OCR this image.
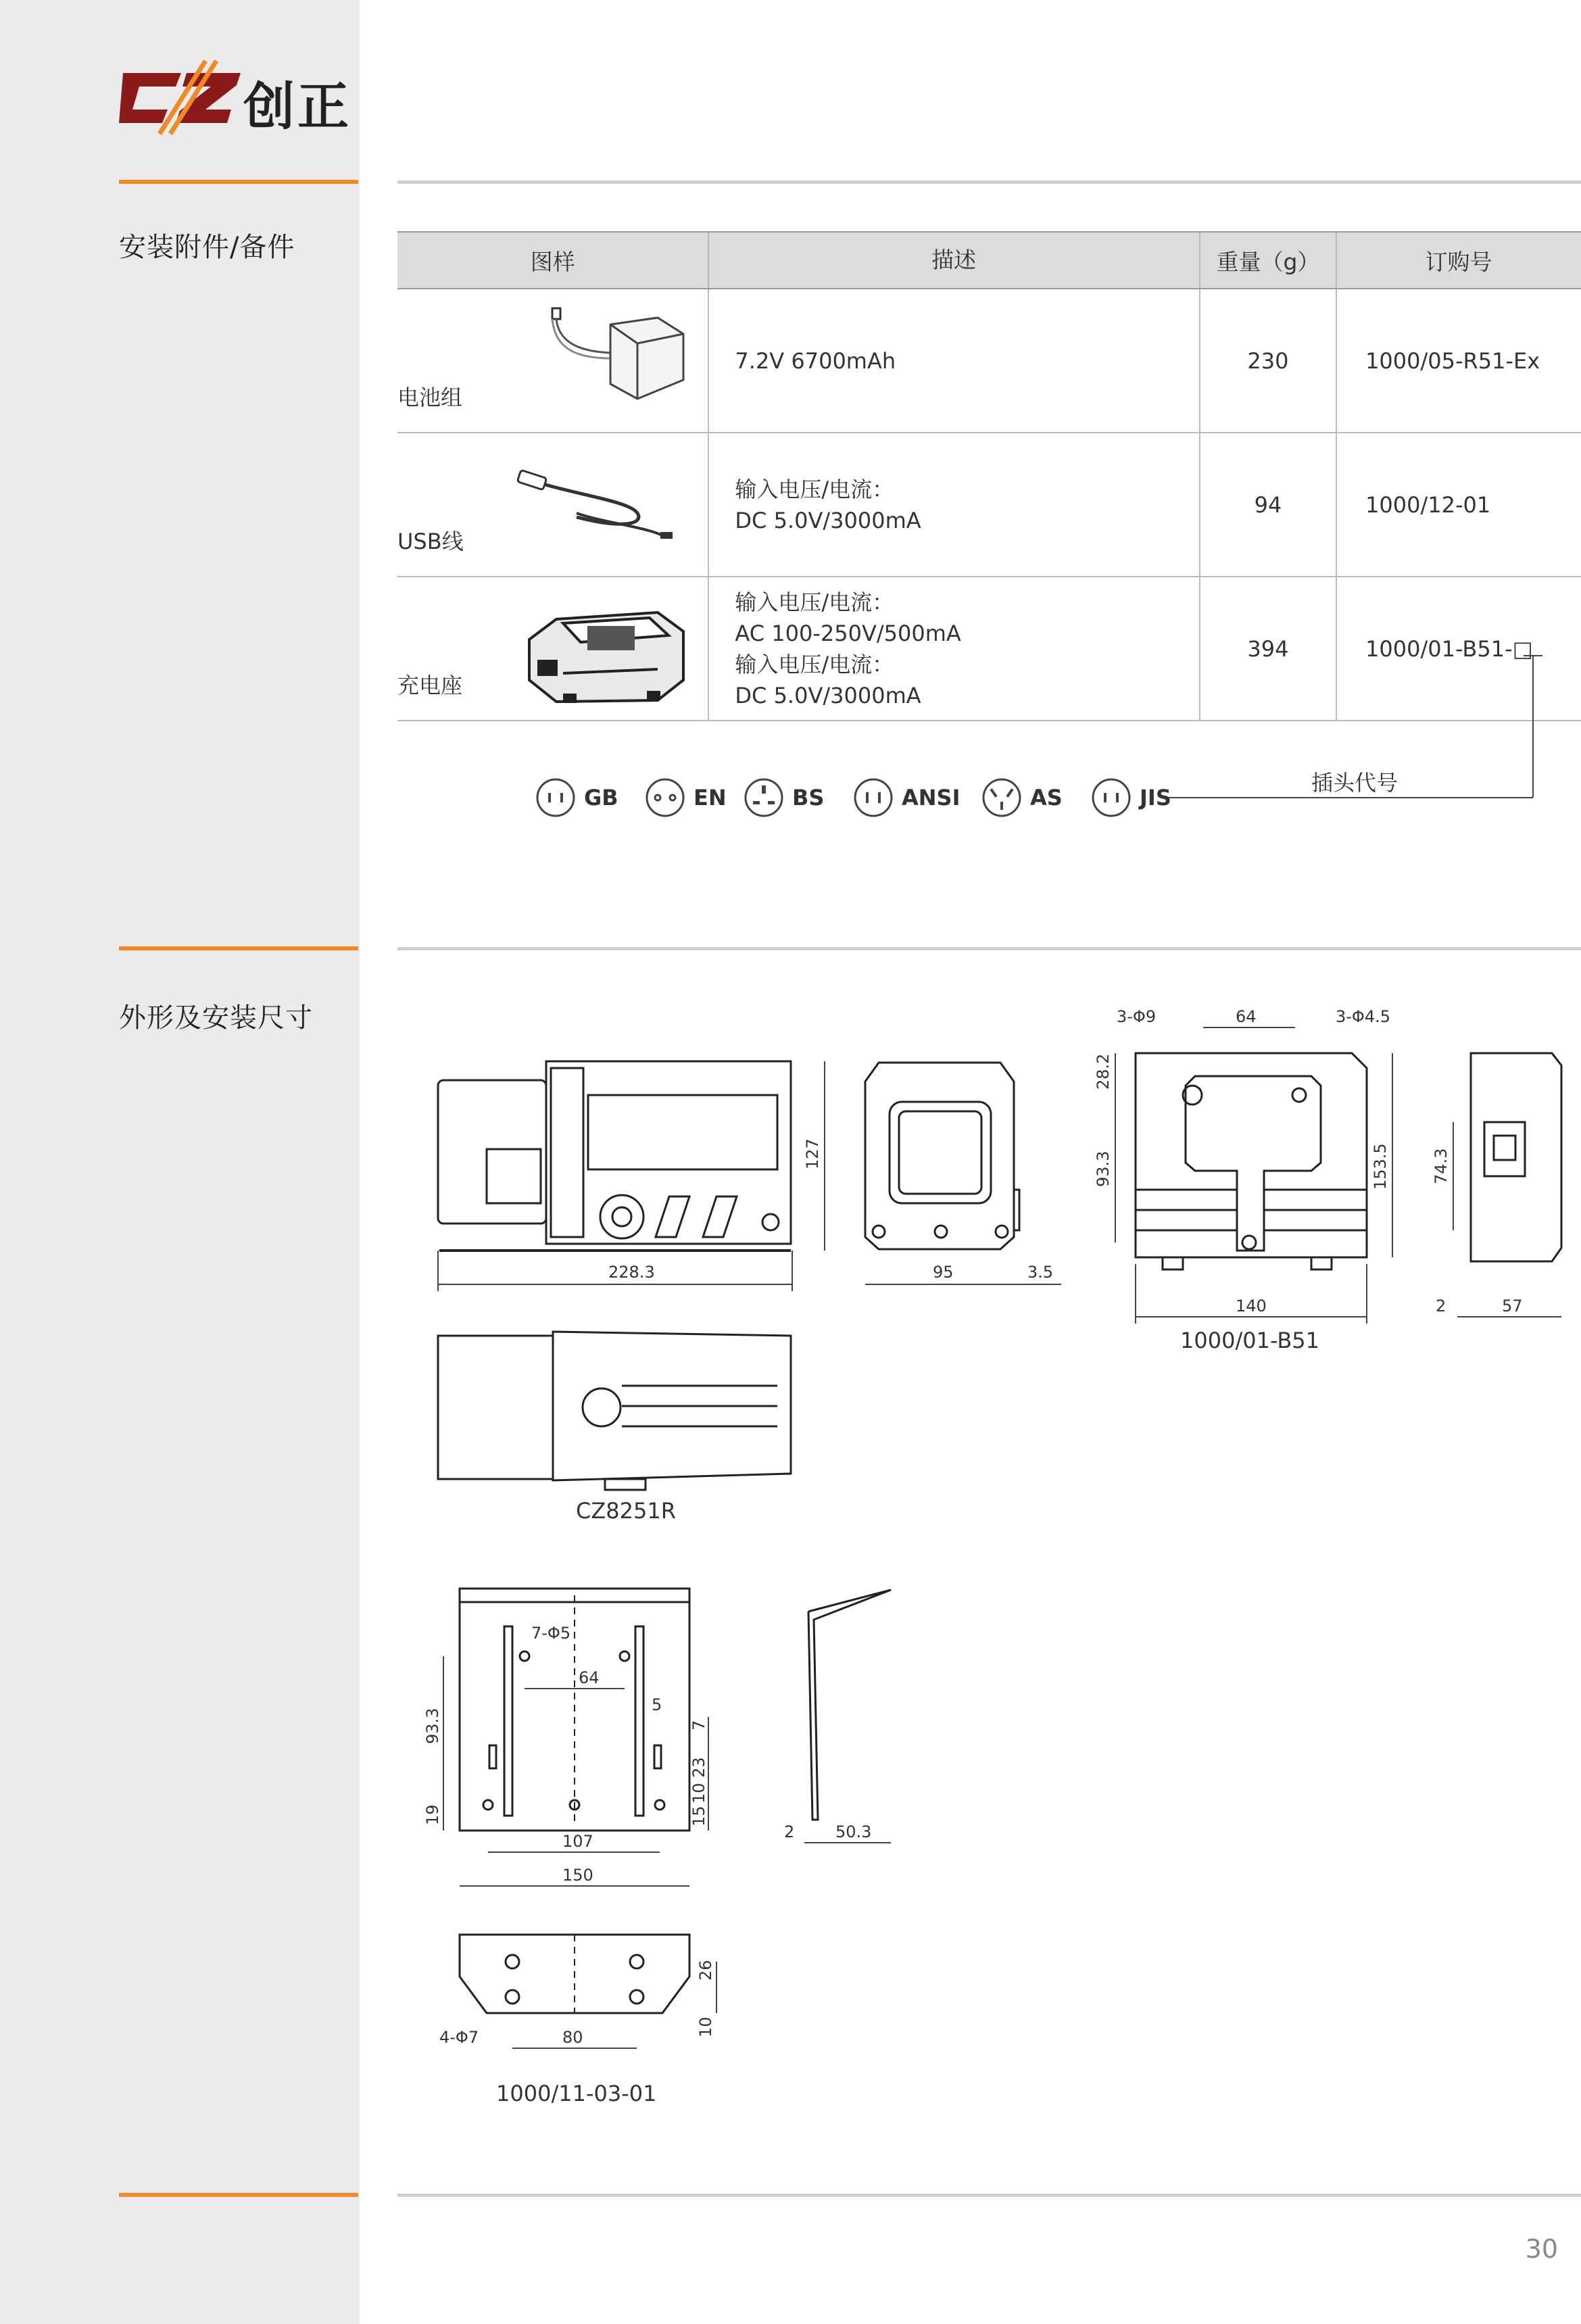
创正
安装附件/备件	图样	描述	重量（g）	订购号

电池组	7.2V 6700mAh	230	1000/05-R51-Ex

USB线	输入电压/电流：
DC 5.0V/3000mA	94	1000/12-01

充电座	输入电压/电流：
AC 100-250V/500mA
输入电压/电流：
DC 5.0V/3000mA	394	1000/01-B51-□
GB	EN	BS	ANSI	AS	JIS
插头代号
外形及安装尺寸
228.3
127
95	3.5
3-Φ9	64	3-Φ4.5
28.2
93.3	153.5
140
74.3
2	57
7-Φ5
64
5
93.3
19
7
23
10
15
107
150
2	50.3
4-Φ7	80
26
10
CZ8251R
1000/01-B51
1000/11-03-01
30
